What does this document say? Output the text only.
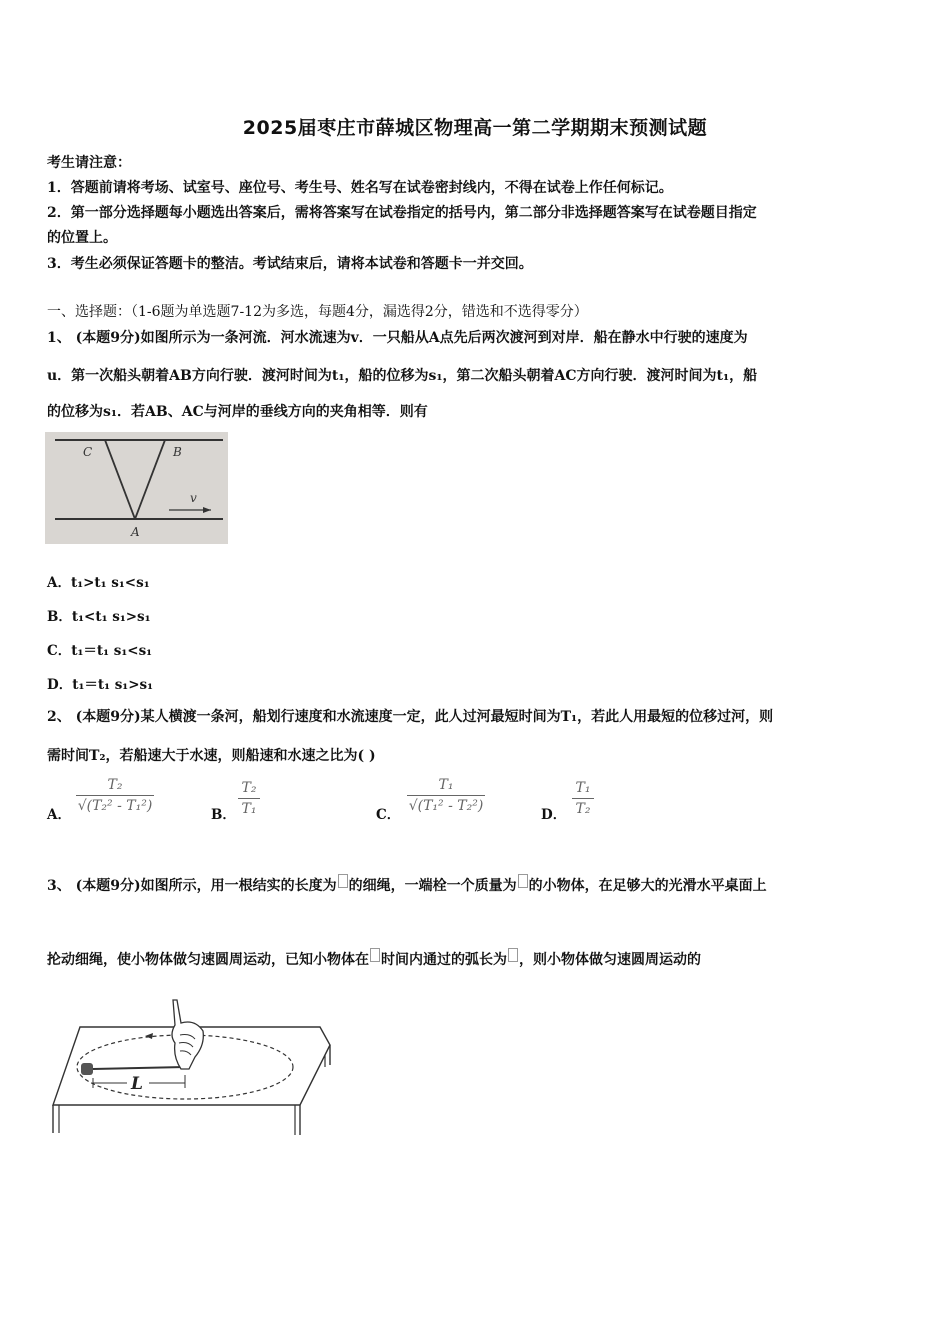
2025届枣庄市薛城区物理高一第二学期期末预测试题
考生请注意：
1．答题前请将考场、试室号、座位号、考生号、姓名写在试卷密封线内，不得在试卷上作任何标记。
2．第一部分选择题每小题选出答案后，需将答案写在试卷指定的括号内，第二部分非选择题答案写在试卷题目指定
的位置上。
3．考生必须保证答题卡的整洁。考试结束后，请将本试卷和答题卡一并交回。
一、选择题：（1-6题为单选题7-12为多选，每题4分，漏选得2分，错选和不选得零分）
1、 (本题9分)如图所示为一条河流．河水流速为v．一只船从A点先后两次渡河到对岸．船在静水中行驶的速度为
u．第一次船头朝着AB方向行驶．渡河时间为t₁，船的位移为s₁，第二次船头朝着AC方向行驶．渡河时间为t₁，船
的位移为s₁．若AB、AC与河岸的垂线方向的夹角相等．则有
C	B
A
v
A．t₁>t₁ s₁<s₁
B．t₁<t₁ s₁>s₁
C．t₁＝t₁ s₁<s₁
D．t₁＝t₁ s₁>s₁
2、 (本题9分)某人横渡一条河，船划行速度和水流速度一定，此人过河最短时间为T₁，若此人用最短的位移过河，则
需时间T₂，若船速大于水速，则船速和水速之比为( )
A．
T₂
√(T₂² - T₁²)
B．
T₂
T₁	C．
T₁
√(T₁² - T₂²)
D．
T₁
T₂
3、 (本题9分)如图所示，用一根结实的长度为 的细绳，一端栓一个质量为 的小物体，在足够大的光滑水平桌面上
抡动细绳，使小物体做匀速圆周运动，已知小物体在 时间内通过的弧长为 ，则小物体做匀速圆周运动的
L
